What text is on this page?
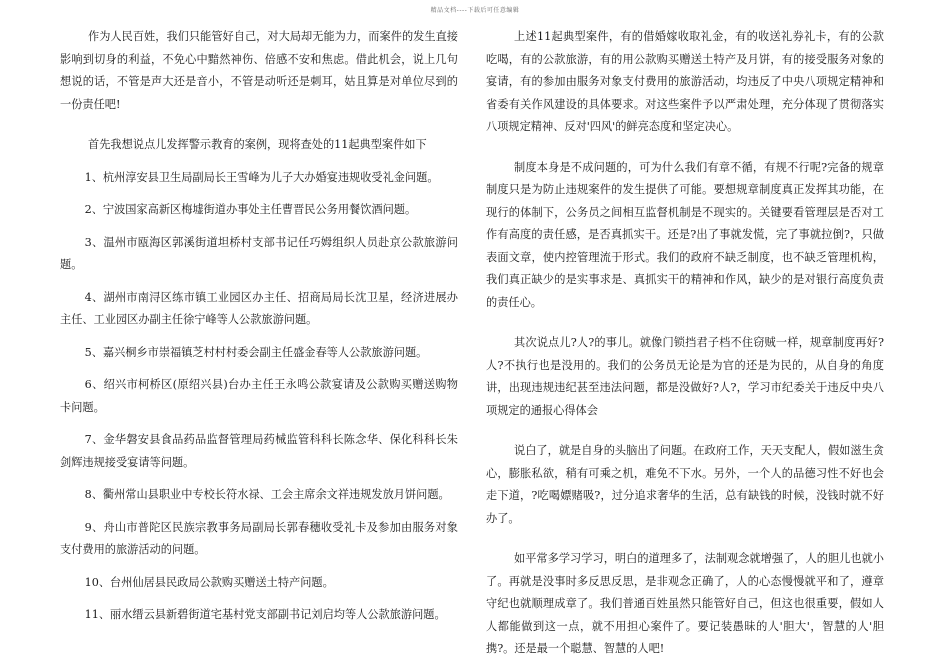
精品文档----下载后可任意编辑

作为人民百姓，我们只能管好自己，对大局却无能为力，而案件的发生直接影响到切身的利益，不免心中黯然神伤、倍感不安和焦虑。借此机会，说上几句想说的话，不管是声大还是音小，不管是动听还是刺耳，姑且算是对单位尽到的一份责任吧!

首先我想说点儿发挥警示教育的案例，现将查处的11起典型案件如下

1、杭州淳安县卫生局副局长王雪峰为儿子大办婚宴违规收受礼金问题。

2、宁波国家高新区梅墟街道办事处主任曹晋民公务用餐饮酒问题。

3、温州市瓯海区郭溪街道坦桥村支部书记任巧姆组织人员赴京公款旅游问题。

4、湖州市南浔区练市镇工业园区办主任、招商局局长沈卫星，经济进展办主任、工业园区办副主任徐宁峰等人公款旅游问题。

5、嘉兴桐乡市崇福镇芝村村村委会副主任盛金春等人公款旅游问题。

6、绍兴市柯桥区(原绍兴县)台办主任王永鸣公款宴请及公款购买赠送购物卡问题。

7、金华磐安县食品药品监督管理局药械监管科科长陈念华、保化科科长朱剑辉违规接受宴请等问题。

8、衢州常山县职业中专校长符水禄、工会主席余文祥违规发放月饼问题。

9、舟山市普陀区民族宗教事务局副局长郭春穗收受礼卡及参加由服务对象支付费用的旅游活动的问题。

10、台州仙居县民政局公款购买赠送土特产问题。

11、丽水缙云县新碧街道宅基村党支部副书记刘启均等人公款旅游问题。

上述11起典型案件，有的借婚嫁收取礼金，有的收送礼券礼卡，有的公款吃喝，有的公款旅游，有的用公款购买赠送土特产及月饼，有的接受服务对象的宴请，有的参加由服务对象支付费用的旅游活动，均违反了中央八项规定精神和省委有关作风建设的具体要求。对这些案件予以严肃处理，充分体现了贯彻落实八项规定精神、反对'四风'的鲜亮态度和坚定决心。

制度本身是不成问题的，可为什么我们有章不循，有规不行呢?完备的规章制度只是为防止违规案件的发生提供了可能。要想规章制度真正发挥其功能，在现行的体制下，公务员之间相互监督机制是不现实的。关键要看管理层是否对工作有高度的责任感，是否真抓实干。还是?出了事就发慌，完了事就拉倒?，只做表面文章，使内控管理流于形式。我们的政府不缺乏制度，也不缺乏管理机构，我们真正缺少的是实事求是、真抓实干的精神和作风，缺少的是对银行高度负责的责任心。

其次说点儿?人?的事儿。就像门锁挡君子档不住窃贼一样，规章制度再好?人?不执行也是没用的。我们的公务员无论是为官的还是为民的，从自身的角度讲，出现违规违纪甚至违法问题，都是没做好?人?，学习市纪委关于违反中央八项规定的通报心得体会

说白了，就是自身的头脑出了问题。在政府工作，天天支配人，假如滋生贪心，膨胀私欲，稍有可乘之机，难免不下水。另外，一个人的品德习性不好也会走下道，?吃喝嫖赌吸?，过分追求奢华的生活，总有缺钱的时候，没钱时就不好办了。

如平常多学习学习，明白的道理多了，法制观念就增强了，人的胆儿也就小了。再就是没事时多反思反思，是非观念正确了，人的心态慢慢就平和了，遵章守纪也就顺理成章了。我们普通百姓虽然只能管好自己，但这也很重要，假如人人都能做到这一点，就不用担心案件了。要记装愚昧的人'胆大'，智慧的人'胆携?。还是最一个聪慧、智慧的人吧!
